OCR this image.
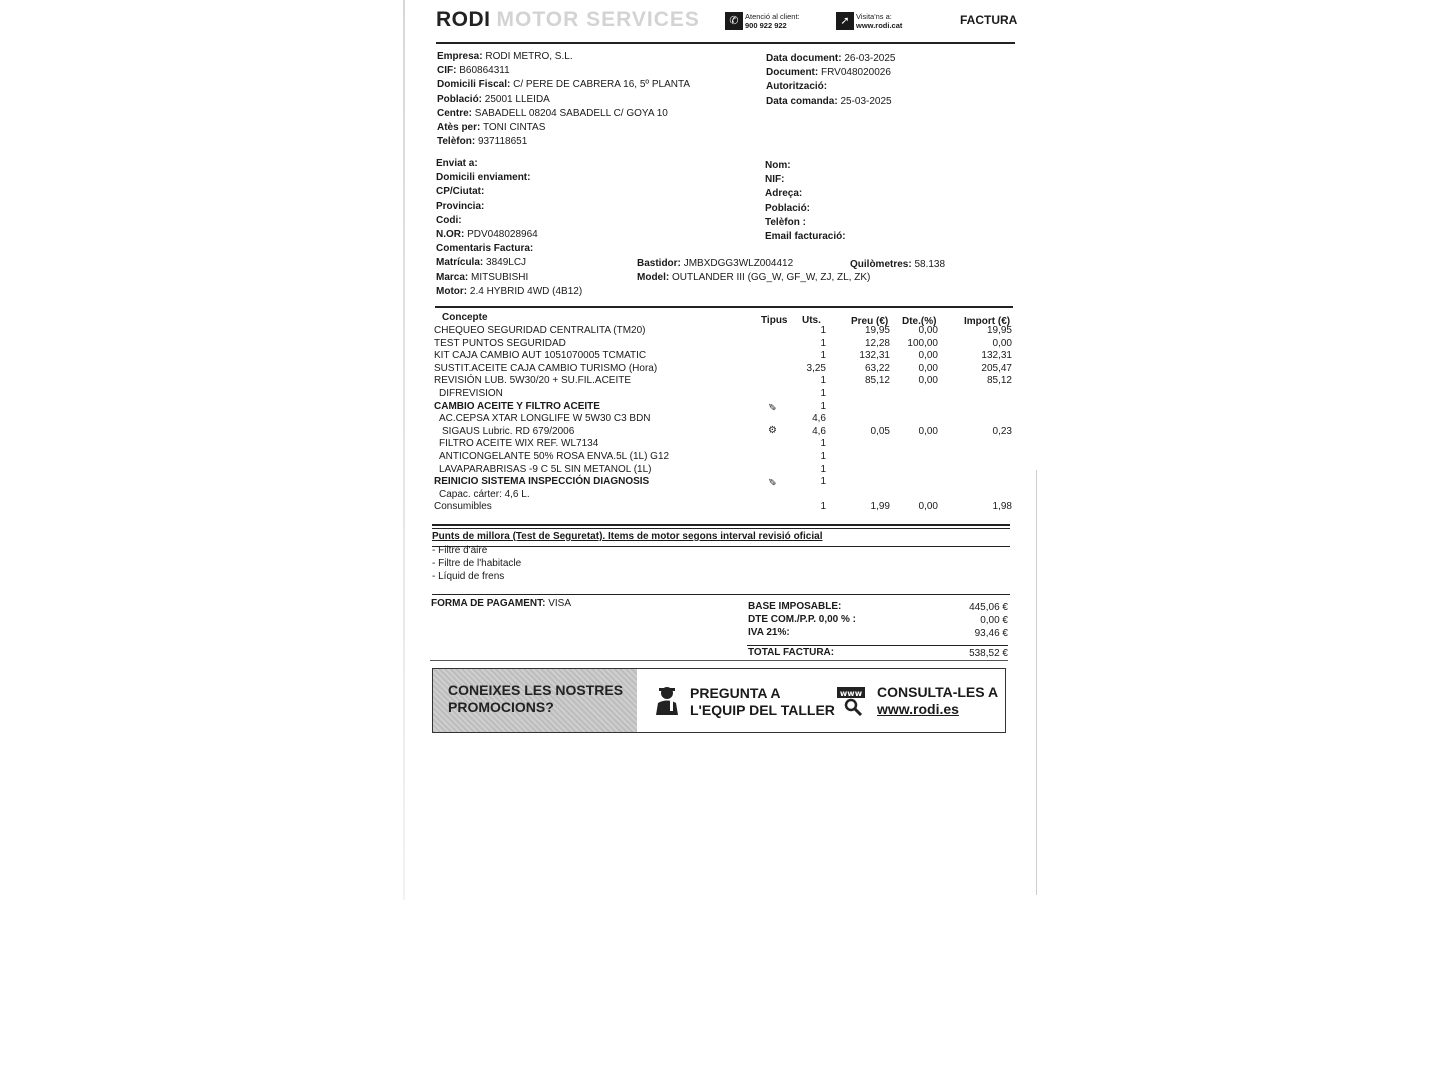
RODI MOTOR SERVICES	✆ Atenció al client:
900 922 922	➚ Visita'ns a:
www.rodi.cat	FACTURA
Empresa: RODI METRO, S.L.
CIF: B60864311
Domicili Fiscal: C/ PERE DE CABRERA 16, 5º PLANTA
Població: 25001 LLEIDA
Centre: SABADELL 08204 SABADELL C/ GOYA 10
Atès per: TONI CINTAS
Telèfon: 937118651
Data document: 26-03-2025
Document: FRV048020026
Autorització:
Data comanda: 25-03-2025
Enviat a:
Domicili enviament:
CP/Ciutat:
Provincia:
Codi:
N.OR: PDV048028964
Comentaris Factura:
Matrícula: 3849LCJ
Marca: MITSUBISHI
Motor: 2.4 HYBRID 4WD (4B12)
Nom:
NIF:
Adreça:
Població:
Telèfon :
Email facturació:
Bastidor: JMBXDGG3WLZ004412	Quilòmetres: 58.138
Model: OUTLANDER III (GG_W, GF_W, ZJ, ZL, ZK)
Concepte	Tipus Uts.	Preu (€) Dte.(%)	Import (€)
CHEQUEO SEGURIDAD CENTRALITA (TM20)	1	19,95	0,00	19,95
TEST PUNTOS SEGURIDAD	1	12,28	100,00	0,00
KIT CAJA CAMBIO AUT 1051070005 TCMATIC	1	132,31	0,00	132,31
SUSTIT.ACEITE CAJA CAMBIO TURISMO (Hora)	3,25	63,22	0,00	205,47
REVISIÓN LUB. 5W30/20 + SU.FIL.ACEITE	1	85,12	0,00	85,12
DIFREVISION	1
CAMBIO ACEITE Y FILTRO ACEITE	✎	1
AC.CEPSA XTAR LONGLIFE W 5W30 C3 BDN	4,6
SIGAUS Lubric. RD 679/2006	⚙	4,6	0,05	0,00	0,23
FILTRO ACEITE WIX REF. WL7134	1
ANTICONGELANTE 50% ROSA ENVA.5L (1L) G12	1
LAVAPARABRISAS -9 C 5L SIN METANOL (1L)	1
REINICIO SISTEMA INSPECCIÓN DIAGNOSIS	✎	1
Capac. cárter: 4,6 L.
Consumibles	1	1,99	0,00	1,98
Punts de millora (Test de Seguretat). Items de motor segons interval revisió oficial
- Filtre d'aire
- Filtre de l'habitacle
- Líquid de frens
FORMA DE PAGAMENT: VISA	BASE IMPOSABLE:	445,06 €
DTE COM./P.P. 0,00 % :	0,00 €
IVA 21%:	93,46 €
TOTAL FACTURA:	538,52 €
CONEIXES LES NOSTRES
PROMOCIONS?
PREGUNTA A
L'EQUIP DEL TALLER
www CONSULTA-LES A
www.rodi.es
